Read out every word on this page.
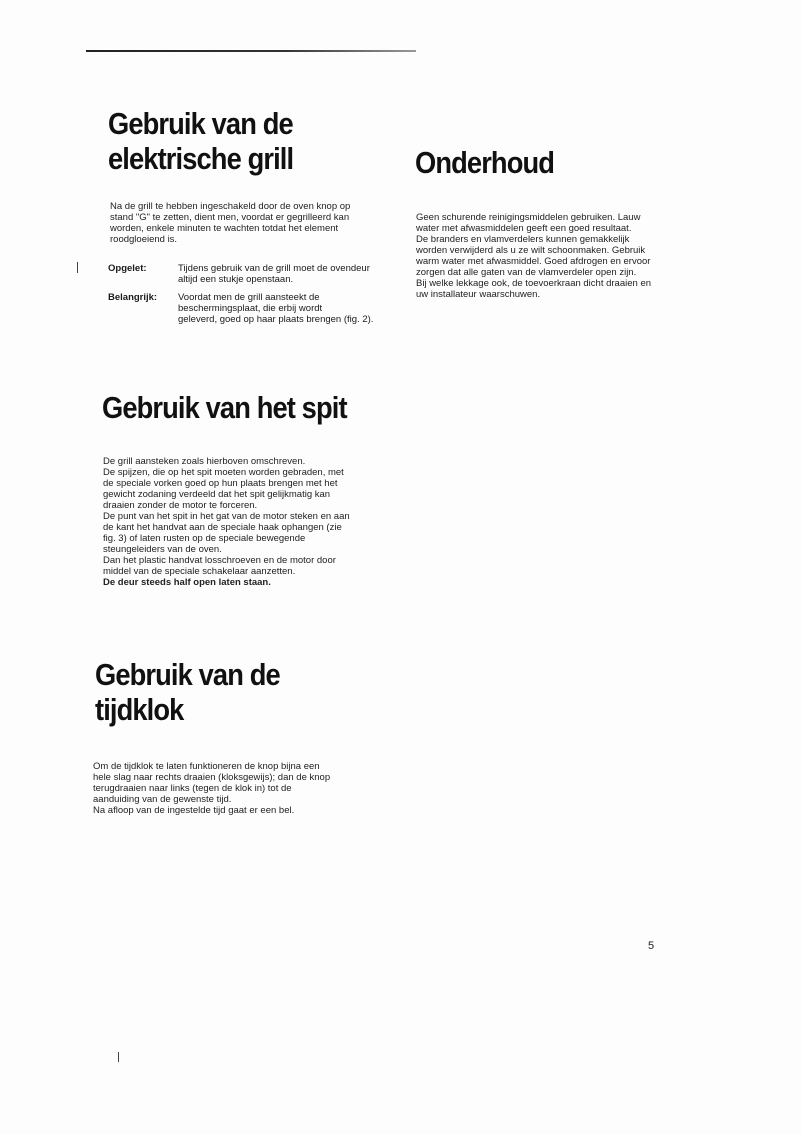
Gebruik van de
elektrische grill
Na de grill te hebben ingeschakeld door de oven knop op
stand "G" te zetten, dient men, voordat er gegrilleerd kan
worden, enkele minuten te wachten totdat het element
roodgloeiend is.
Opgelet:	Tijdens gebruik van de grill moet de ovendeur
altijd een stukje openstaan.
Belangrijk:	Voordat men de grill aansteekt de
beschermingsplaat, die erbij wordt
geleverd, goed op haar plaats brengen (fig. 2).
Onderhoud
Geen schurende reinigingsmiddelen gebruiken. Lauw
water met afwasmiddelen geeft een goed resultaat.
De branders en vlamverdelers kunnen gemakkelijk
worden verwijderd als u ze wilt schoonmaken. Gebruik
warm water met afwasmiddel. Goed afdrogen en ervoor
zorgen dat alle gaten van de vlamverdeler open zijn.
Bij welke lekkage ook, de toevoerkraan dicht draaien en
uw installateur waarschuwen.
Gebruik van het spit
De grill aansteken zoals hierboven omschreven.
De spijzen, die op het spit moeten worden gebraden, met
de speciale vorken goed op hun plaats brengen met het
gewicht zodaning verdeeld dat het spit gelijkmatig kan
draaien zonder de motor te forceren.
De punt van het spit in het gat van de motor steken en aan
de kant het handvat aan de speciale haak ophangen (zie
fig. 3) of laten rusten op de speciale bewegende
steungeleiders van de oven.
Dan het plastic handvat losschroeven en de motor door
middel van de speciale schakelaar aanzetten.
De deur steeds half open laten staan.
Gebruik van de
tijdklok
Om de tijdklok te laten funktioneren de knop bijna een
hele slag naar rechts draaien (kloksgewijs); dan de knop
terugdraaien naar links (tegen de klok in) tot de
aanduiding van de gewenste tijd.
Na afloop van de ingestelde tijd gaat er een bel.
5
